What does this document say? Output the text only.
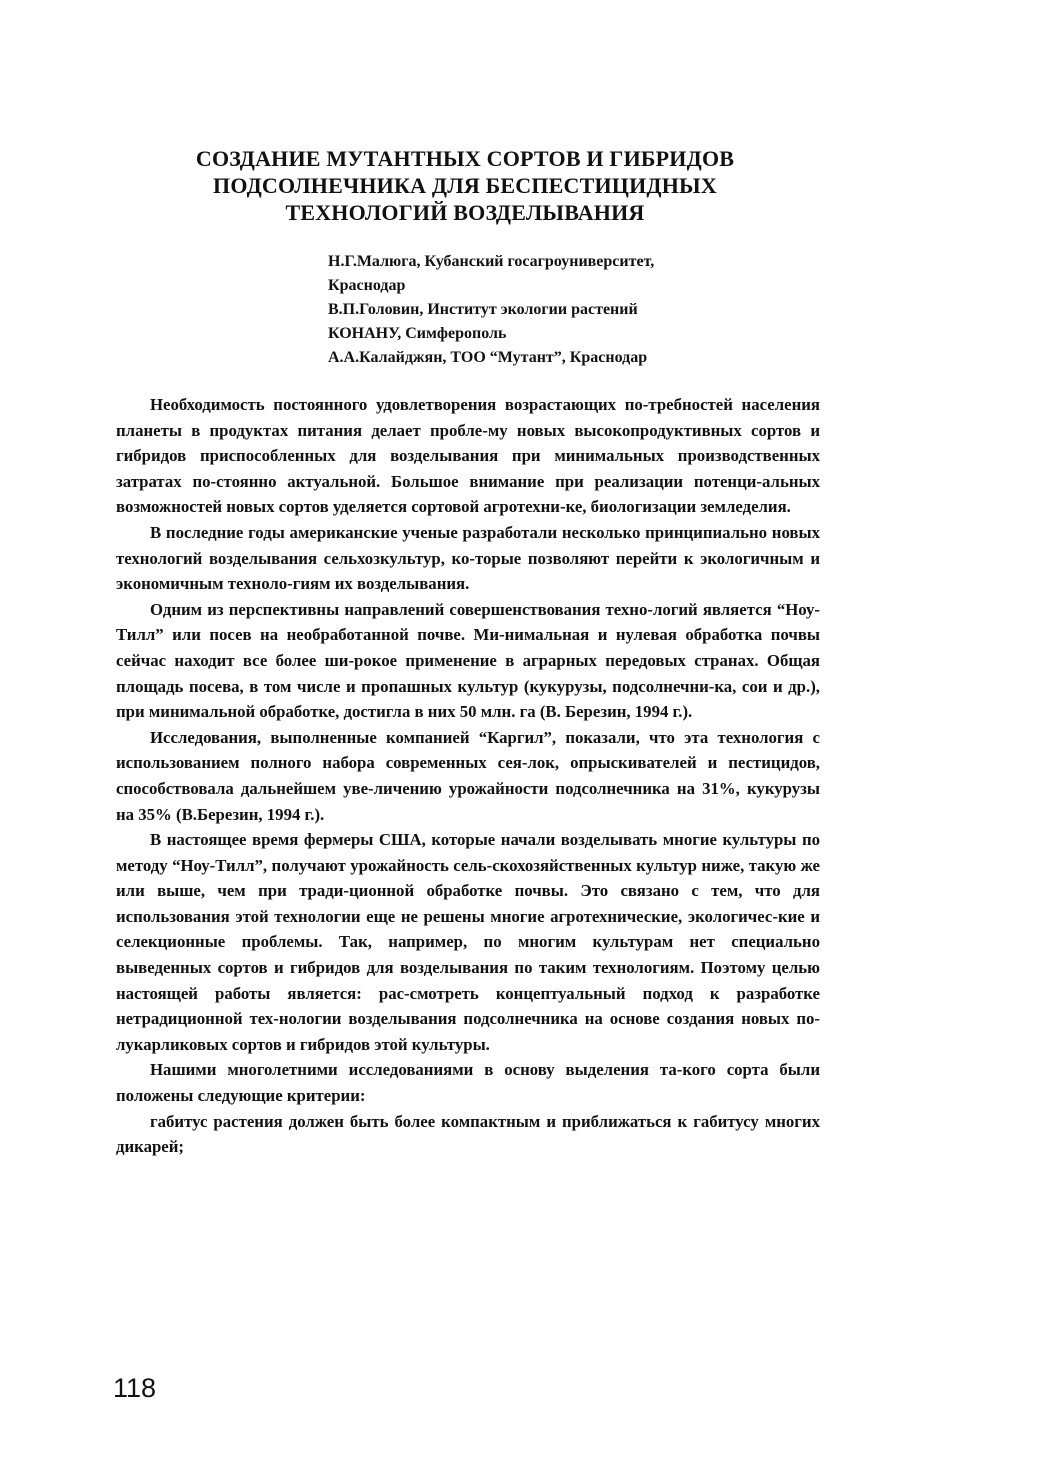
СОЗДАНИЕ МУТАНТНЫХ СОРТОВ И ГИБРИДОВ
ПОДСОЛНЕЧНИКА ДЛЯ БЕСПЕСТИЦИДНЫХ
ТЕХНОЛОГИЙ ВОЗДЕЛЫВАНИЯ
Н.Г.Малюга, Кубанский госагроуниверситет,
Краснодар
В.П.Головин, Институт экологии растений
КОНАНУ, Симферополь
А.А.Калайджян, ТОО “Мутант”, Краснодар

Необходимость постоянного удовлетворения возрастающих по-требностей населения планеты в продуктах питания делает пробле-му новых высокопродуктивных сортов и гибридов приспособленных для возделывания при минимальных производственных затратах по-стоянно актуальной. Большое внимание при реализации потенци-альных возможностей новых сортов уделяется сортовой агротехни-ке, биологизации земледелия.

В последние годы американские ученые разработали несколько принципиально новых технологий возделывания сельхозкультур, ко-торые позволяют перейти к экологичным и экономичным техноло-гиям их возделывания.

Одним из перспективны направлений совершенствования техно-логий является “Ноу-Тилл” или посев на необработанной почве. Ми-нимальная и нулевая обработка почвы сейчас находит все более ши-рокое применение в аграрных передовых странах. Общая площадь посева, в том числе и пропашных культур (кукурузы, подсолнечни-ка, сои и др.), при минимальной обработке, достигла в них 50 млн. га (В. Березин, 1994 г.).

Исследования, выполненные компанией “Каргил”, показали, что эта технология с использованием полного набора современных сея-лок, опрыскивателей и пестицидов, способствовала дальнейшем уве-личению урожайности подсолнечника на 31%, кукурузы на 35% (В.Березин, 1994 г.).

В настоящее время фермеры США, которые начали возделывать многие культуры по методу “Ноу-Тилл”, получают урожайность сель-скохозяйственных культур ниже, такую же или выше, чем при тради-ционной обработке почвы. Это связано с тем, что для использования этой технологии еще не решены многие агротехнические, экологичес-кие и селекционные проблемы. Так, например, по многим культурам нет специально выведенных сортов и гибридов для возделывания по таким технологиям. Поэтому целью настоящей работы является: рас-смотреть концептуальный подход к разработке нетрадиционной тех-нологии возделывания подсолнечника на основе создания новых по-лукарликовых сортов и гибридов этой культуры.

Нашими многолетними исследованиями в основу выделения та-кого сорта были положены следующие критерии:

габитус растения должен быть более компактным и приближаться к габитусу многих дикарей;

118
